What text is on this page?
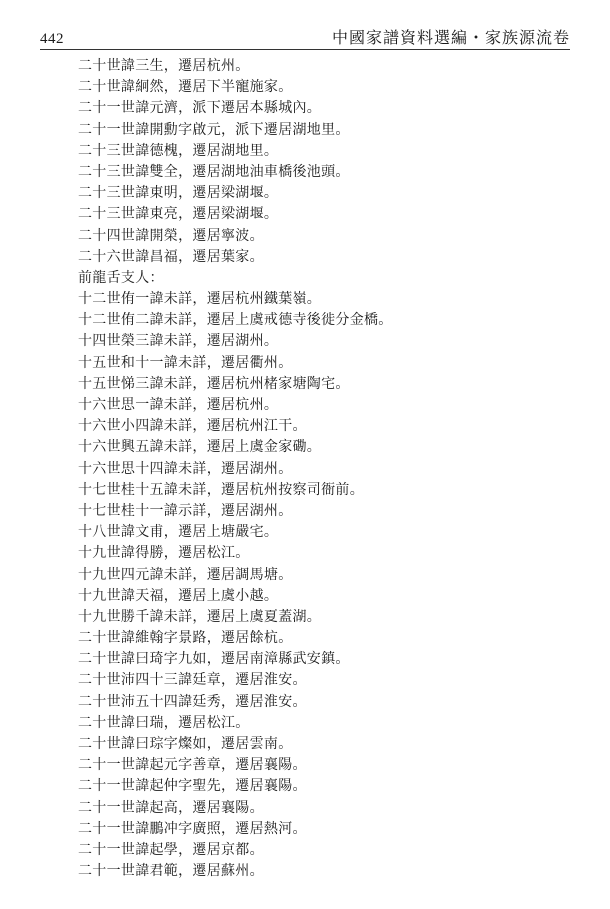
442	中國家譜資料選編・家族源流卷
二十世諱三生，遷居杭州。
二十世諱絅然，遷居下半寵施家。
二十一世諱元濟，派下遷居本縣城內。
二十一世諱開勳字啟元，派下遷居湖地里。
二十三世諱德槐，遷居湖地里。
二十三世諱雙全，遷居湖地油車橋後池頭。
二十三世諱東明，遷居梁湖堰。
二十三世諱東亮，遷居梁湖堰。
二十四世諱開榮，遷居寧波。
二十六世諱昌福，遷居葉家。
前龍舌支人：
十二世侑一諱未詳，遷居杭州鐵葉嶺。
十二世侑二諱未詳，遷居上虞戒德寺後徙分金橋。
十四世榮三諱未詳，遷居湖州。
十五世和十一諱未詳，遷居衢州。
十五世悌三諱未詳，遷居杭州楮家塘陶宅。
十六世思一諱未詳，遷居杭州。
十六世小四諱未詳，遷居杭州江干。
十六世興五諱未詳，遷居上虞金家磡。
十六世思十四諱未詳，遷居湖州。
十七世桂十五諱未詳，遷居杭州按察司衙前。
十七世桂十一諱示詳，遷居湖州。
十八世諱文甫，遷居上塘嚴宅。
十九世諱得勝，遷居松江。
十九世四元諱未詳，遷居調馬塘。
十九世諱天福，遷居上虞小越。
十九世勝千諱未詳，遷居上虞夏蓋湖。
二十世諱維翰字景路，遷居餘杭。
二十世諱曰琦字九如，遷居南漳縣武安鎮。
二十世沛四十三諱廷章，遷居淮安。
二十世沛五十四諱廷秀，遷居淮安。
二十世諱曰瑞，遷居松江。
二十世諱曰琮字燦如，遷居雲南。
二十一世諱起元字善章，遷居襄陽。
二十一世諱起仲字聖先，遷居襄陽。
二十一世諱起高，遷居襄陽。
二十一世諱鵬冲字廣照，遷居熱河。
二十一世諱起學，遷居京都。
二十一世諱君範，遷居蘇州。
